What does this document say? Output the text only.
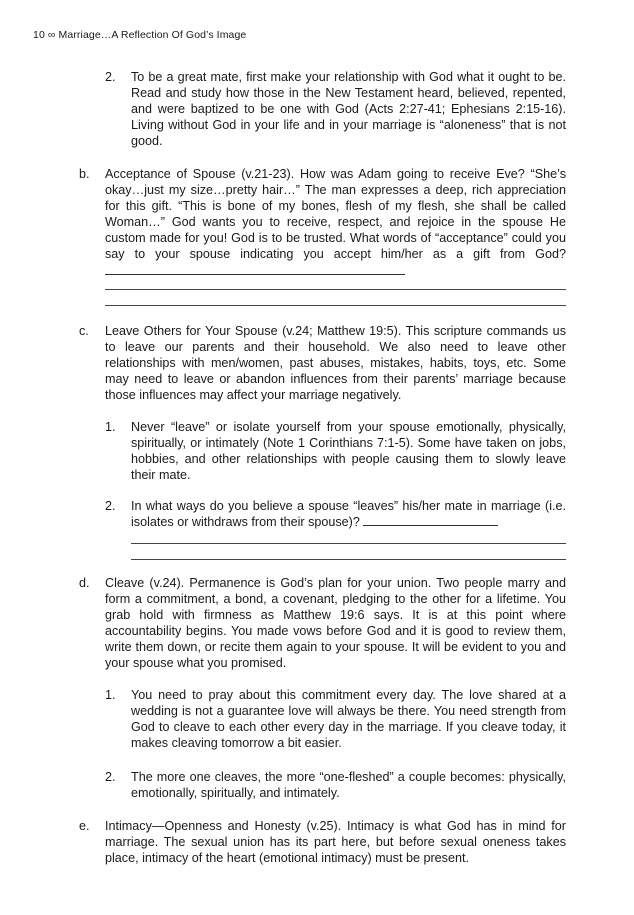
10 ∞ Marriage…A Reflection Of God’s Image
2.	To be a great mate, first make your relationship with God what it ought to be. Read and study how those in the New Testament heard, believed, repented, and were baptized to be one with God (Acts 2:27-41; Ephesians 2:15-16). Living without God in your life and in your marriage is “aloneness” that is not good.
b.	Acceptance of Spouse (v.21-23). How was Adam going to receive Eve? “She’s okay…just my size…pretty hair…” The man expresses a deep, rich appreciation for this gift. “This is bone of my bones, flesh of my flesh, she shall be called Woman…” God wants you to receive, respect, and rejoice in the spouse He custom made for you! God is to be trusted. What words of “acceptance” could you say to your spouse indicating you accept him/her as a gift from God?
c.	Leave Others for Your Spouse (v.24; Matthew 19:5). This scripture commands us to leave our parents and their household. We also need to leave other relationships with men/women, past abuses, mistakes, habits, toys, etc. Some may need to leave or abandon influences from their parents’ marriage because those influences may affect your marriage negatively.
1.	Never “leave” or isolate yourself from your spouse emotionally, physically, spiritually, or intimately (Note 1 Corinthians 7:1-5). Some have taken on jobs, hobbies, and other relationships with people causing them to slowly leave their mate.
2.	In what ways do you believe a spouse “leaves” his/her mate in marriage (i.e. isolates or withdraws from their spouse)?
d.	Cleave (v.24). Permanence is God’s plan for your union. Two people marry and form a commitment, a bond, a covenant, pledging to the other for a lifetime. You grab hold with firmness as Matthew 19:6 says. It is at this point where accountability begins. You made vows before God and it is good to review them, write them down, or recite them again to your spouse. It will be evident to you and your spouse what you promised.
1.	You need to pray about this commitment every day. The love shared at a wedding is not a guarantee love will always be there. You need strength from God to cleave to each other every day in the marriage. If you cleave today, it makes cleaving tomorrow a bit easier.
2.	The more one cleaves, the more “one-fleshed” a couple becomes: physically, emotionally, spiritually, and intimately.
e.	Intimacy—Openness and Honesty (v.25). Intimacy is what God has in mind for marriage. The sexual union has its part here, but before sexual oneness takes place, intimacy of the heart (emotional intimacy) must be present.
